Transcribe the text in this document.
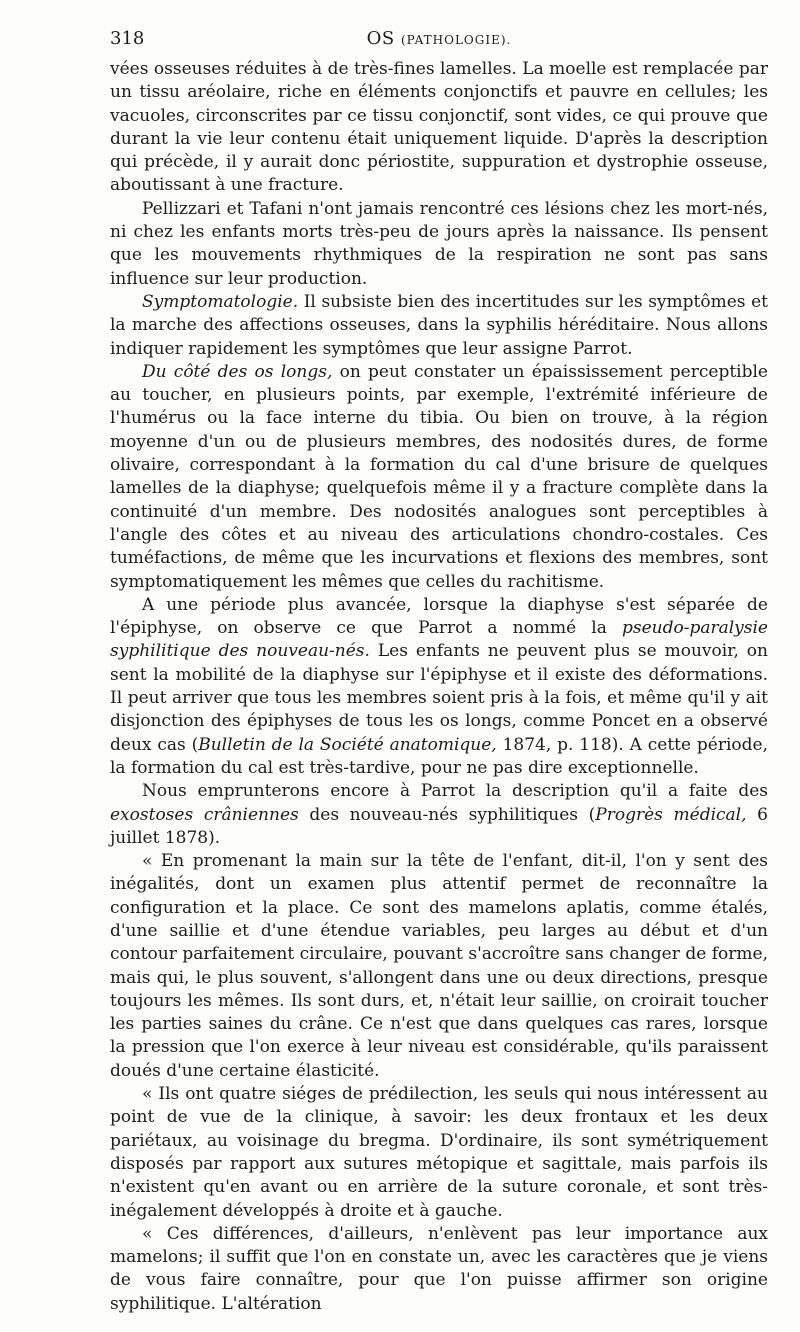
318	OS (PATHOLOGIE).

vées osseuses réduites à de très-fines lamelles. La moelle est remplacée par un tissu aréolaire, riche en éléments conjonctifs et pauvre en cellules; les vacuoles, circonscrites par ce tissu conjonctif, sont vides, ce qui prouve que durant la vie leur contenu était uniquement liquide. D'après la description qui précède, il y aurait donc périostite, suppuration et dystrophie osseuse, aboutissant à une fracture.

Pellizzari et Tafani n'ont jamais rencontré ces lésions chez les mort-nés, ni chez les enfants morts très-peu de jours après la naissance. Ils pensent que les mouvements rhythmiques de la respiration ne sont pas sans influence sur leur production.

Symptomatologie. Il subsiste bien des incertitudes sur les symptômes et la marche des affections osseuses, dans la syphilis héréditaire. Nous allons indiquer rapidement les symptômes que leur assigne Parrot.

Du côté des os longs, on peut constater un épaississement perceptible au toucher, en plusieurs points, par exemple, l'extrémité inférieure de l'humérus ou la face interne du tibia. Ou bien on trouve, à la région moyenne d'un ou de plusieurs membres, des nodosités dures, de forme olivaire, correspondant à la formation du cal d'une brisure de quelques lamelles de la diaphyse; quelquefois même il y a fracture complète dans la continuité d'un membre. Des nodosités analogues sont perceptibles à l'angle des côtes et au niveau des articulations chondro-costales. Ces tuméfactions, de même que les incurvations et flexions des membres, sont symptomatiquement les mêmes que celles du rachitisme.

A une période plus avancée, lorsque la diaphyse s'est séparée de l'épiphyse, on observe ce que Parrot a nommé la pseudo-paralysie syphilitique des nouveau-nés. Les enfants ne peuvent plus se mouvoir, on sent la mobilité de la diaphyse sur l'épiphyse et il existe des déformations. Il peut arriver que tous les membres soient pris à la fois, et même qu'il y ait disjonction des épiphyses de tous les os longs, comme Poncet en a observé deux cas (Bulletin de la Société anatomique, 1874, p. 118). A cette période, la formation du cal est très-tardive, pour ne pas dire exceptionnelle.

Nous emprunterons encore à Parrot la description qu'il a faite des exostoses crâniennes des nouveau-nés syphilitiques (Progrès médical, 6 juillet 1878).

« En promenant la main sur la tête de l'enfant, dit-il, l'on y sent des inégalités, dont un examen plus attentif permet de reconnaître la configuration et la place. Ce sont des mamelons aplatis, comme étalés, d'une saillie et d'une étendue variables, peu larges au début et d'un contour parfaitement circulaire, pouvant s'accroître sans changer de forme, mais qui, le plus souvent, s'allongent dans une ou deux directions, presque toujours les mêmes. Ils sont durs, et, n'était leur saillie, on croirait toucher les parties saines du crâne. Ce n'est que dans quelques cas rares, lorsque la pression que l'on exerce à leur niveau est considérable, qu'ils paraissent doués d'une certaine élasticité.

« Ils ont quatre siéges de prédilection, les seuls qui nous intéressent au point de vue de la clinique, à savoir: les deux frontaux et les deux pariétaux, au voisinage du bregma. D'ordinaire, ils sont symétriquement disposés par rapport aux sutures métopique et sagittale, mais parfois ils n'existent qu'en avant ou en arrière de la suture coronale, et sont très-inégalement développés à droite et à gauche.

« Ces différences, d'ailleurs, n'enlèvent pas leur importance aux mamelons; il suffit que l'on en constate un, avec les caractères que je viens de vous faire connaître, pour que l'on puisse affirmer son origine syphilitique. L'altération
